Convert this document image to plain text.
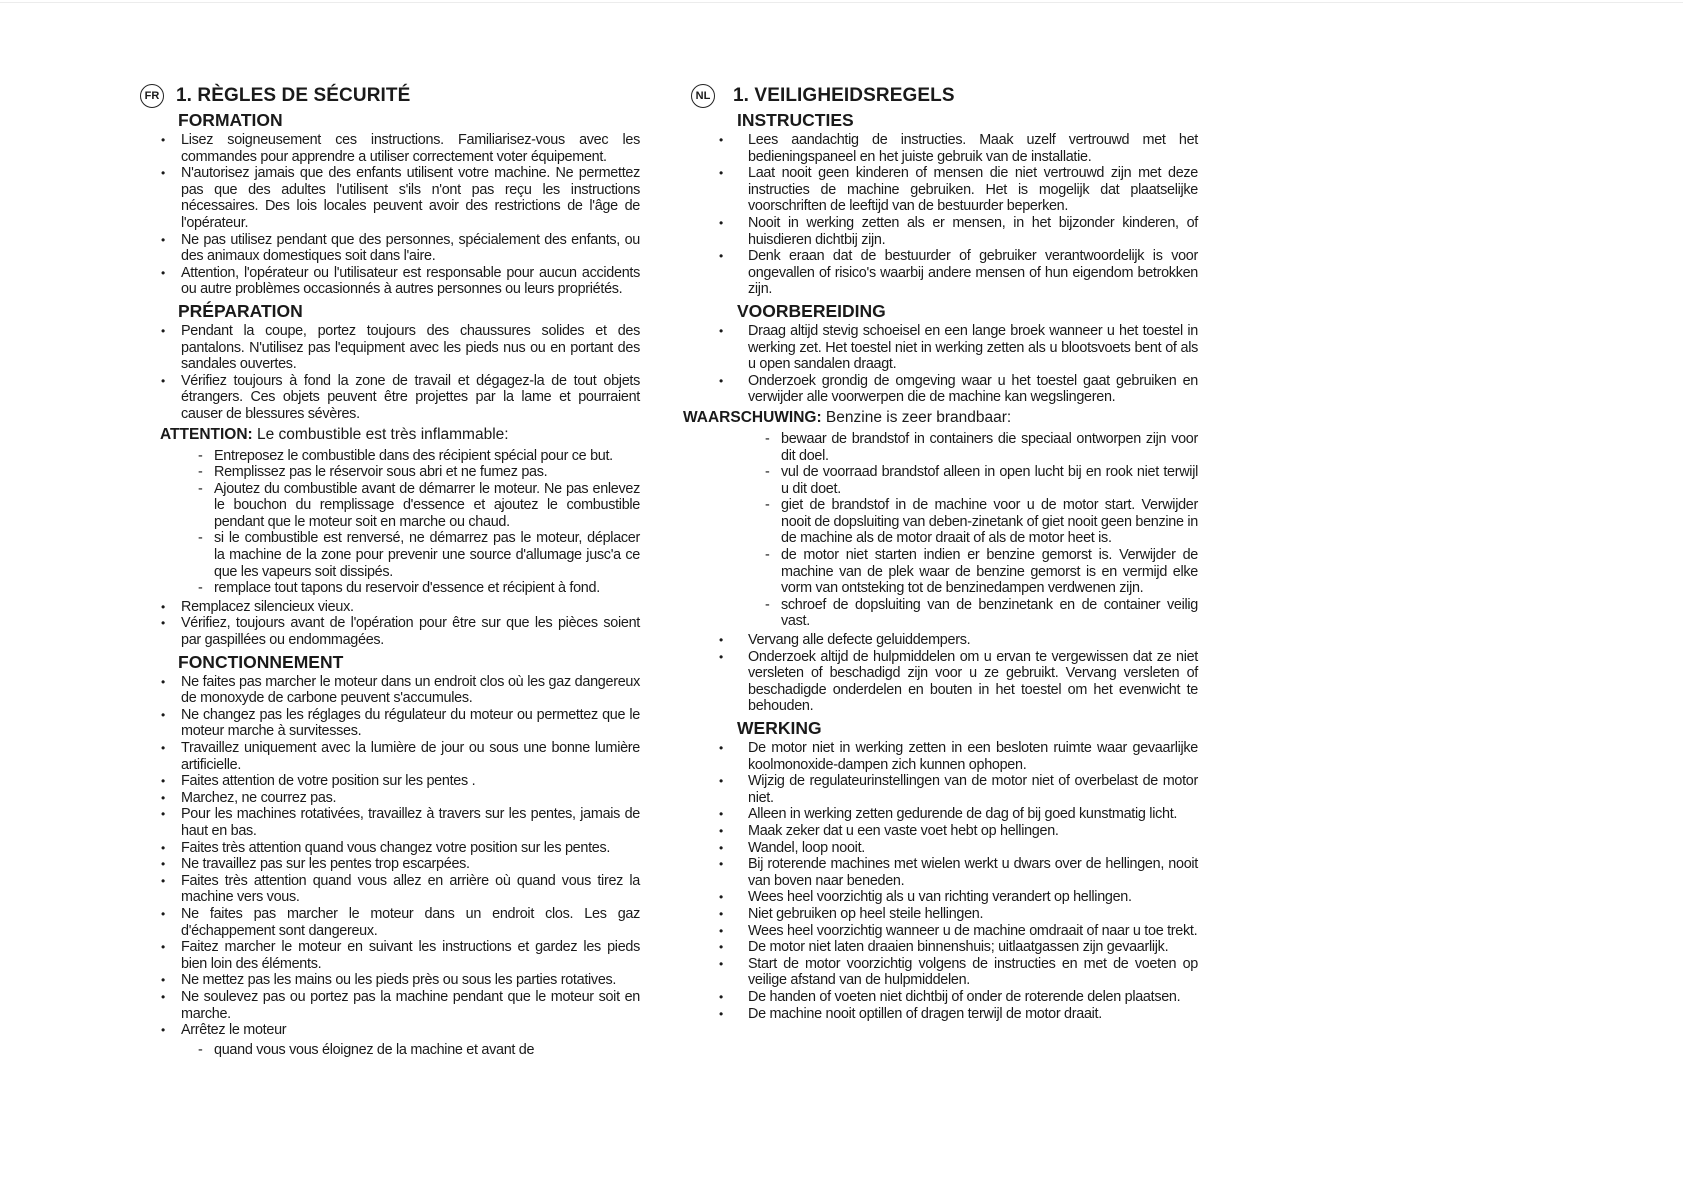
FR 1. RÈGLES DE SÉCURITÉ
FORMATION
• Lisez soigneusement ces instructions. Familiarisez-vous avec les commandes pour apprendre a utiliser correctement voter équipement.
• N'autorisez jamais que des enfants utilisent votre machine. Ne permettez pas que des adultes l'utilisent s'ils n'ont pas reçu les instructions nécessaires. Des lois locales peuvent avoir des restrictions de l'âge de l'opérateur.
• Ne pas utilisez pendant que des personnes, spécialement des enfants, ou des animaux domestiques soit dans l'aire.
• Attention, l'opérateur ou l'utilisateur est responsable pour aucun accidents ou autre problèmes occasionnés à autres personnes ou leurs propriétés.
PRÉPARATION
• Pendant la coupe, portez toujours des chaussures solides et des pantalons. N'utilisez pas l'equipment avec les pieds nus ou en portant des sandales ouvertes.
• Vérifiez toujours à fond la zone de travail et dégagez-la de tout objets étrangers. Ces objets peuvent être projettes par la lame et pourraient causer de blessures sévères.
ATTENTION: Le combustible est très inflammable:
- Entreposez le combustible dans des récipient spécial pour ce but.
- Remplissez pas le réservoir sous abri et ne fumez pas.
- Ajoutez du combustible avant de démarrer le moteur. Ne pas enlevez le bouchon du remplissage d'essence et ajoutez le combustible pendant que le moteur soit en marche ou chaud.
- si le combustible est renversé, ne démarrez pas le moteur, déplacer la machine de la zone pour prevenir une source d'allumage jusc'a ce que les vapeurs soit dissipés.
- remplace tout tapons du reservoir d'essence et récipient à fond.
• Remplacez silencieux vieux.
• Vérifiez, toujours avant de l'opération pour être sur que les pièces soient par gaspillées ou endommagées.
FONCTIONNEMENT
• Ne faites pas marcher le moteur dans un endroit clos où les gaz dangereux de monoxyde de carbone peuvent s'accumules.
• Ne changez pas les réglages du régulateur du moteur ou permettez que le moteur marche à survitesses.
• Travaillez uniquement avec la lumière de jour ou sous une bonne lumière artificielle.
• Faites attention de votre position sur les pentes .
• Marchez, ne courrez pas.
• Pour les machines rotativées, travaillez à travers sur les pentes, jamais de haut en bas.
• Faites très attention quand vous changez votre position sur les pentes.
• Ne travaillez pas sur les pentes trop escarpées.
• Faites très attention quand vous allez en arrière où quand vous tirez la machine vers vous.
• Ne faites pas marcher le moteur dans un endroit clos. Les gaz d'échappement sont dangereux.
• Faitez marcher le moteur en suivant les instructions et gardez les pieds bien loin des éléments.
• Ne mettez pas les mains ou les pieds près ou sous les parties rotatives.
• Ne soulevez pas ou portez pas la machine pendant que le moteur soit en marche.
• Arrêtez le moteur
- quand vous vous éloignez de la machine et avant de
NL 1. VEILIGHEIDSREGELS
INSTRUCTIES
• Lees aandachtig de instructies. Maak uzelf vertrouwd met het bedieningspaneel en het juiste gebruik van de installatie.
• Laat nooit geen kinderen of mensen die niet vertrouwd zijn met deze instructies de machine gebruiken. Het is mogelijk dat plaatselijke voorschriften de leeftijd van de bestuurder beperken.
• Nooit in werking zetten als er mensen, in het bijzonder kinderen, of huisdieren dichtbij zijn.
• Denk eraan dat de bestuurder of gebruiker verantwoordelijk is voor ongevallen of risico's waarbij andere mensen of hun eigendom betrokken zijn.
VOORBEREIDING
• Draag altijd stevig schoeisel en een lange broek wanneer u het toestel in werking zet. Het toestel niet in werking zetten als u blootsvoets bent of als u open sandalen draagt.
• Onderzoek grondig de omgeving waar u het toestel gaat gebruiken en verwijder alle voorwerpen die de machine kan wegslingeren.
WAARSCHUWING: Benzine is zeer brandbaar:
- bewaar de brandstof in containers die speciaal ontworpen zijn voor dit doel.
- vul de voorraad brandstof alleen in open lucht bij en rook niet terwijl u dit doet.
- giet de brandstof in de machine voor u de motor start. Verwijder nooit de dopsluiting van deben-zinetank of giet nooit geen benzine in de machine als de motor draait of als de motor heet is.
- de motor niet starten indien er benzine gemorst is. Verwijder de machine van de plek waar de benzine gemorst is en vermijd elke vorm van ontsteking tot de benzinedampen verdwenen zijn.
- schroef de dopsluiting van de benzinetank en de container veilig vast.
• Vervang alle defecte geluiddempers.
• Onderzoek altijd de hulpmiddelen om u ervan te vergewissen dat ze niet versleten of beschadigd zijn voor u ze gebruikt. Vervang versleten of beschadigde onderdelen en bouten in het toestel om het evenwicht te behouden.
WERKING
• De motor niet in werking zetten in een besloten ruimte waar gevaarlijke koolmonoxide-dampen zich kunnen ophopen.
• Wijzig de regulateurinstellingen van de motor niet of overbelast de motor niet.
• Alleen in werking zetten gedurende de dag of bij goed kunstmatig licht.
• Maak zeker dat u een vaste voet hebt op hellingen.
• Wandel, loop nooit.
• Bij roterende machines met wielen werkt u dwars over de hellingen, nooit van boven naar beneden.
• Wees heel voorzichtig als u van richting verandert op hellingen.
• Niet gebruiken op heel steile hellingen.
• Wees heel voorzichtig wanneer u de machine omdraait of naar u toe trekt.
• De motor niet laten draaien binnenshuis; uitlaatgassen zijn gevaarlijk.
• Start de motor voorzichtig volgens de instructies en met de voeten op veilige afstand van de hulpmiddelen.
• De handen of voeten niet dichtbij of onder de roterende delen plaatsen.
• De machine nooit optillen of dragen terwijl de motor draait.
